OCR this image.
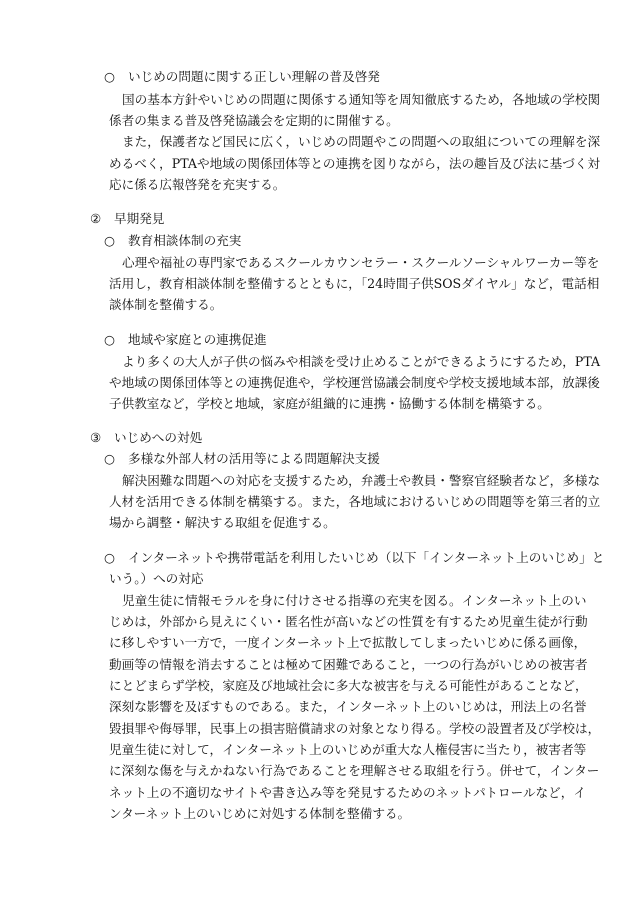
○ いじめの問題に関する正しい理解の普及啓発
国の基本方針やいじめの問題に関係する通知等を周知徹底するため，各地域の学校関
係者の集まる普及啓発協議会を定期的に開催する。
また，保護者など国民に広く，いじめの問題やこの問題への取組についての理解を深
めるべく，PTAや地域の関係団体等との連携を図りながら，法の趣旨及び法に基づく対
応に係る広報啓発を充実する。
② 早期発見
○ 教育相談体制の充実
心理や福祉の専門家であるスクールカウンセラー・スクールソーシャルワーカー等を
活用し，教育相談体制を整備するとともに，「24時間子供SOSダイヤル」など，電話相
談体制を整備する。
○ 地域や家庭との連携促進
より多くの大人が子供の悩みや相談を受け止めることができるようにするため，PTA
や地域の関係団体等との連携促進や，学校運営協議会制度や学校支援地域本部，放課後
子供教室など，学校と地域，家庭が組織的に連携・協働する体制を構築する。
③ いじめへの対処
○ 多様な外部人材の活用等による問題解決支援
解決困難な問題への対応を支援するため，弁護士や教員・警察官経験者など，多様な
人材を活用できる体制を構築する。また，各地域におけるいじめの問題等を第三者的立
場から調整・解決する取組を促進する。
○ インターネットや携帯電話を利用したいじめ（以下「インターネット上のいじめ」と
いう。）への対応
児童生徒に情報モラルを身に付けさせる指導の充実を図る。インターネット上のい
じめは，外部から見えにくい・匿名性が高いなどの性質を有するため児童生徒が行動
に移しやすい一方で，一度インターネット上で拡散してしまったいじめに係る画像，
動画等の情報を消去することは極めて困難であること，一つの行為がいじめの被害者
にとどまらず学校，家庭及び地域社会に多大な被害を与える可能性があることなど，
深刻な影響を及ぼすものである。また，インターネット上のいじめは，刑法上の名誉
毀損罪や侮辱罪，民事上の損害賠償請求の対象となり得る。学校の設置者及び学校は，
児童生徒に対して，インターネット上のいじめが重大な人権侵害に当たり，被害者等
に深刻な傷を与えかねない行為であることを理解させる取組を行う。併せて，インター
ネット上の不適切なサイトや書き込み等を発見するためのネットパトロールなど，イ
ンターネット上のいじめに対処する体制を整備する。
